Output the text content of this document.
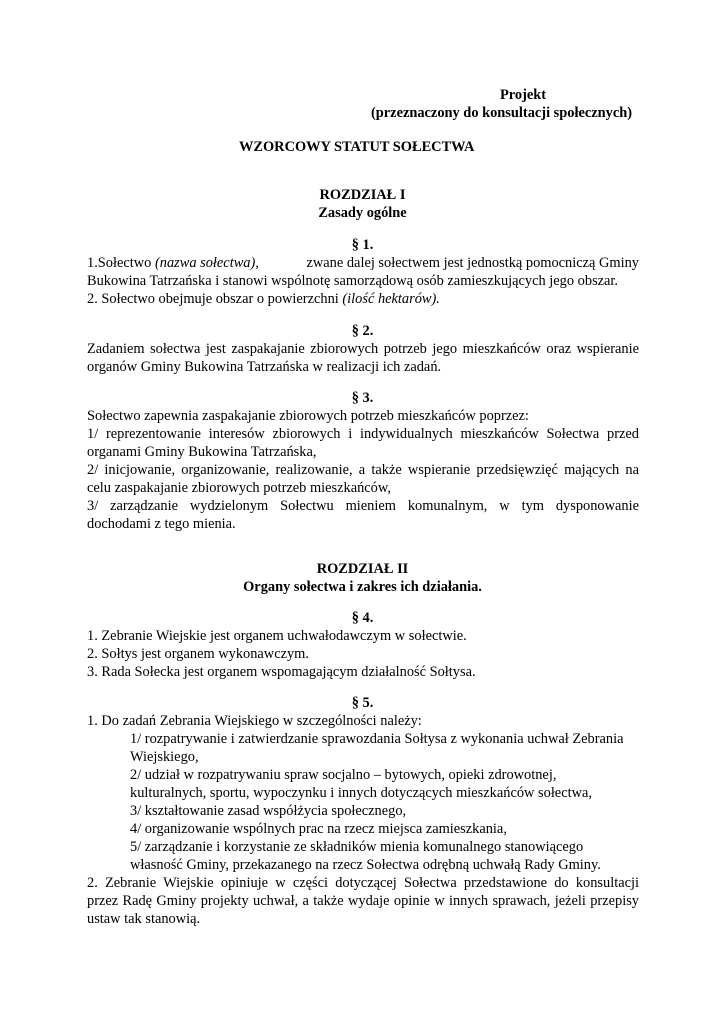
Projekt
(przeznaczony do konsultacji społecznych)
WZORCOWY STATUT SOŁECTWA
ROZDZIAŁ I
Zasady ogólne
§ 1.
1.Sołectwo (nazwa sołectwa),	zwane dalej sołectwem jest jednostką pomocniczą Gminy
Bukowina Tatrzańska i stanowi wspólnotę samorządową osób zamieszkujących jego obszar.
2. Sołectwo obejmuje obszar o powierzchni (ilość hektarów).
§ 2.
Zadaniem sołectwa jest zaspakajanie zbiorowych potrzeb jego mieszkańców oraz wspieranie
organów Gminy Bukowina Tatrzańska w realizacji ich zadań.
§ 3.
Sołectwo zapewnia zaspakajanie zbiorowych potrzeb mieszkańców poprzez:
1/ reprezentowanie interesów zbiorowych i indywidualnych mieszkańców Sołectwa przed
organami Gminy Bukowina Tatrzańska,
2/ inicjowanie, organizowanie, realizowanie, a także wspieranie przedsięwzięć mających na
celu zaspakajanie zbiorowych potrzeb mieszkańców,
3/ zarządzanie wydzielonym Sołectwu mieniem komunalnym, w tym dysponowanie
dochodami z tego mienia.
ROZDZIAŁ II
Organy sołectwa i zakres ich działania.
§ 4.
1. Zebranie Wiejskie jest organem uchwałodawczym w sołectwie.
2. Sołtys jest organem wykonawczym.
3. Rada Sołecka jest organem wspomagającym działalność Sołtysa.
§ 5.
1. Do zadań Zebrania Wiejskiego w szczególności należy:
1/ rozpatrywanie i zatwierdzanie sprawozdania Sołtysa z wykonania uchwał Zebrania
Wiejskiego,
2/ udział w rozpatrywaniu spraw socjalno – bytowych, opieki zdrowotnej,
kulturalnych, sportu, wypoczynku i innych dotyczących mieszkańców sołectwa,
3/ kształtowanie zasad współżycia społecznego,
4/ organizowanie wspólnych prac na rzecz miejsca zamieszkania,
5/ zarządzanie i korzystanie ze składników mienia komunalnego stanowiącego
własność Gminy, przekazanego na rzecz Sołectwa odrębną uchwałą Rady Gminy.
2. Zebranie Wiejskie opiniuje w części dotyczącej Sołectwa przedstawione do konsultacji
przez Radę Gminy projekty uchwał, a także wydaje opinie w innych sprawach, jeżeli przepisy
ustaw tak stanowią.
